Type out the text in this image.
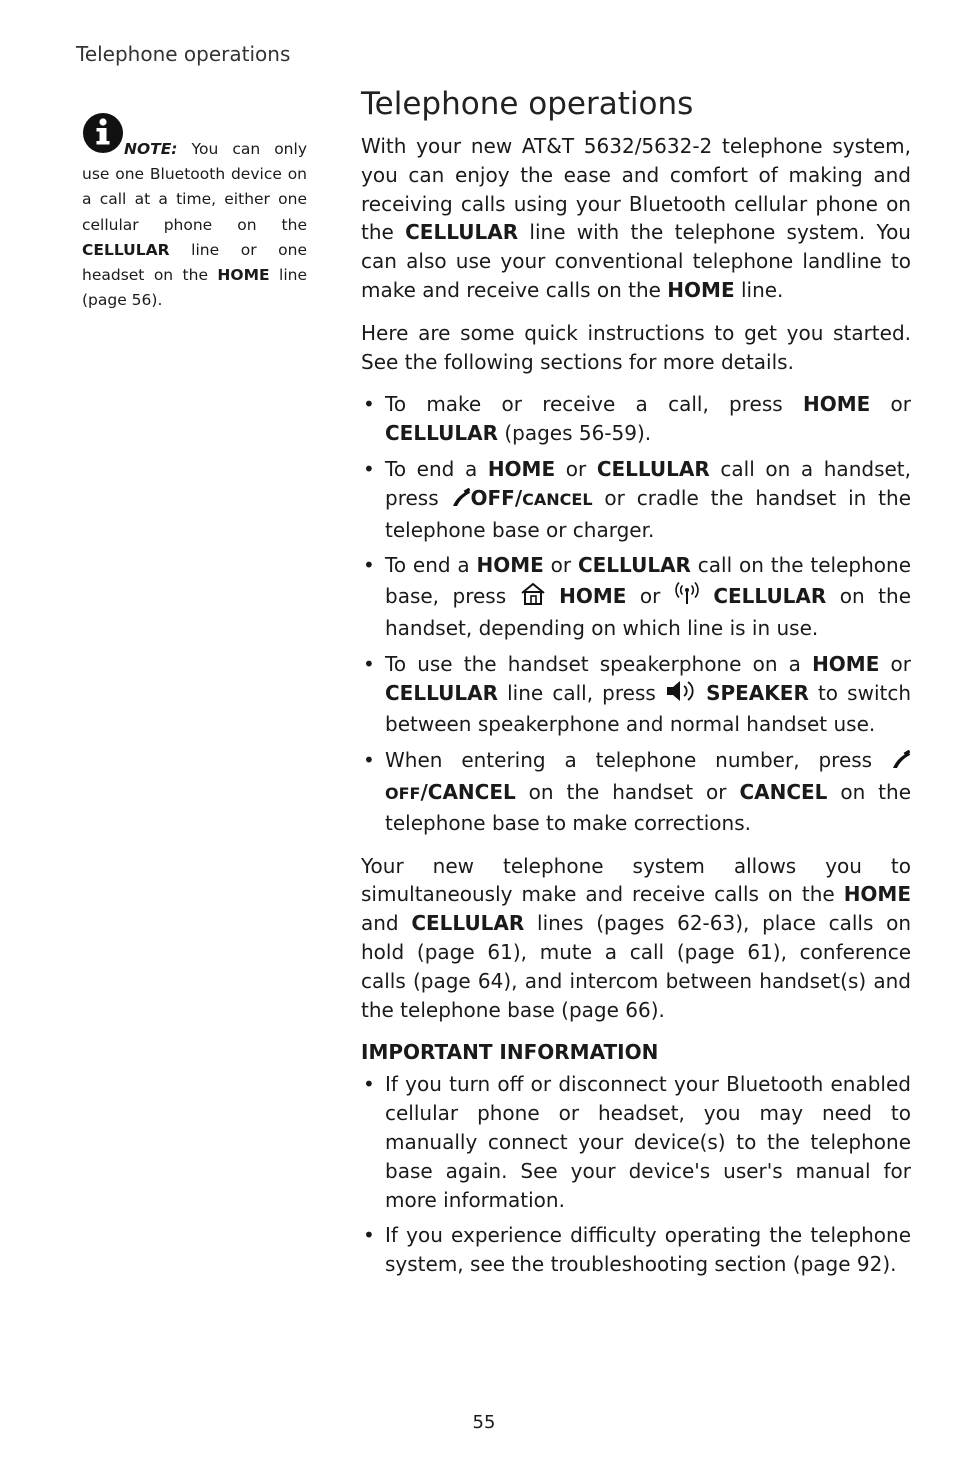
Telephone operations
NOTE: You can only use one Bluetooth device on a call at a time, either one cellular phone on the CELLULAR line or one headset on the HOME line (page 56).
Telephone operations

With your new AT&T 5632/5632-2 telephone system, you can enjoy the ease and comfort of making and receiving calls using your Bluetooth cellular phone on the CELLULAR line with the telephone system. You can also use your conventional telephone landline to make and receive calls on the HOME line.

Here are some quick instructions to get you started. See the following sections for more details.

• To make or receive a call, press HOME or CELLULAR (pages 56-59).
• To end a HOME or CELLULAR call on a handset, press OFF/CANCEL or cradle the handset in the telephone base or charger.
• To end a HOME or CELLULAR call on the telephone base, press  HOME or  CELLULAR on the handset, depending on which line is in use.
• To use the handset speakerphone on a HOME or CELLULAR line call, press  SPEAKER to switch between speakerphone and normal handset use.
• When entering a telephone number, press OFF/CANCEL on the handset or CANCEL on the telephone base to make corrections.

Your new telephone system allows you to simultaneously make and receive calls on the HOME and CELLULAR lines (pages 62-63), place calls on hold (page 61), mute a call (page 61), conference calls (page 64), and intercom between handset(s) and the telephone base (page 66).

IMPORTANT INFORMATION
• If you turn off or disconnect your Bluetooth enabled cellular phone or headset, you may need to manually connect your device(s) to the telephone base again. See your device's user's manual for more information.
• If you experience difficulty operating the telephone system, see the troubleshooting section (page 92).
55
